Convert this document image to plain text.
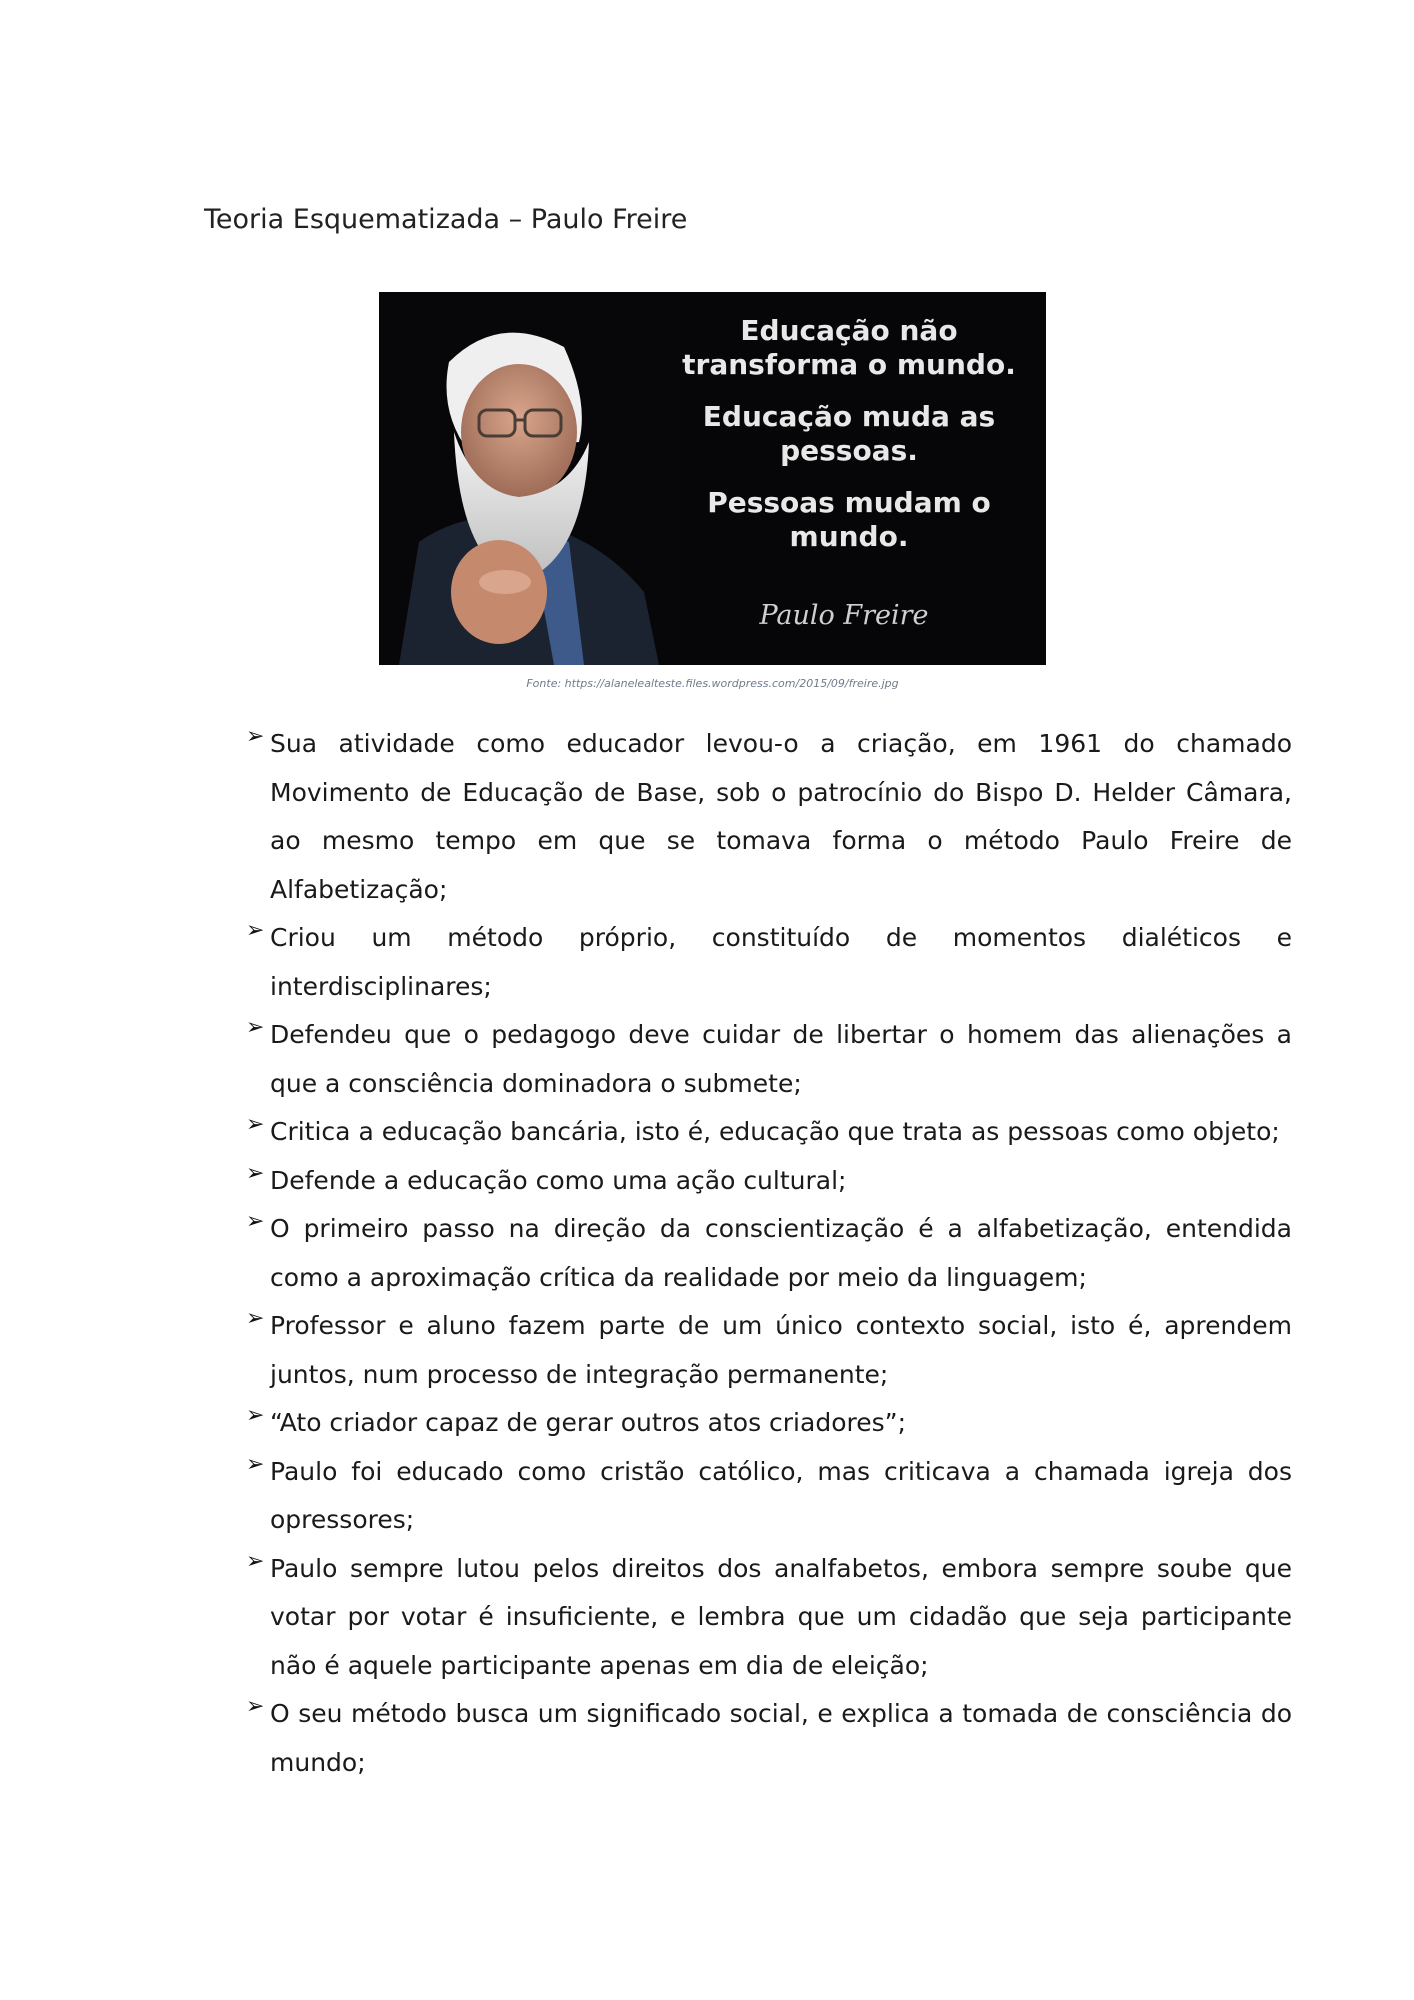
Teoria Esquematizada – Paulo Freire
Educação não
transforma o mundo.
Educação muda as
pessoas.
Pessoas mudam o
mundo.
Paulo Freire
Fonte: https://alanelealteste.files.wordpress.com/2015/09/freire.jpg
➢ Sua atividade como educador levou-o a criação, em 1961 do chamado Movimento de Educação de Base, sob o patrocínio do Bispo D. Helder Câmara, ao mesmo tempo em que se tomava forma o método Paulo Freire de Alfabetização;
➢ Criou um método próprio, constituído de momentos dialéticos e interdisciplinares;
➢ Defendeu que o pedagogo deve cuidar de libertar o homem das alienações a que a consciência dominadora o submete;
➢ Critica a educação bancária, isto é, educação que trata as pessoas como objeto;
➢ Defende a educação como uma ação cultural;
➢ O primeiro passo na direção da conscientização é a alfabetização, entendida como a aproximação crítica da realidade por meio da linguagem;
➢ Professor e aluno fazem parte de um único contexto social, isto é, aprendem juntos, num processo de integração permanente;
➢ “Ato criador capaz de gerar outros atos criadores”;
➢ Paulo foi educado como cristão católico, mas criticava a chamada igreja dos opressores;
➢ Paulo sempre lutou pelos direitos dos analfabetos, embora sempre soube que votar por votar é insuficiente, e lembra que um cidadão que seja participante não é aquele participante apenas em dia de eleição;
➢ O seu método busca um significado social, e explica a tomada de consciência do mundo;
